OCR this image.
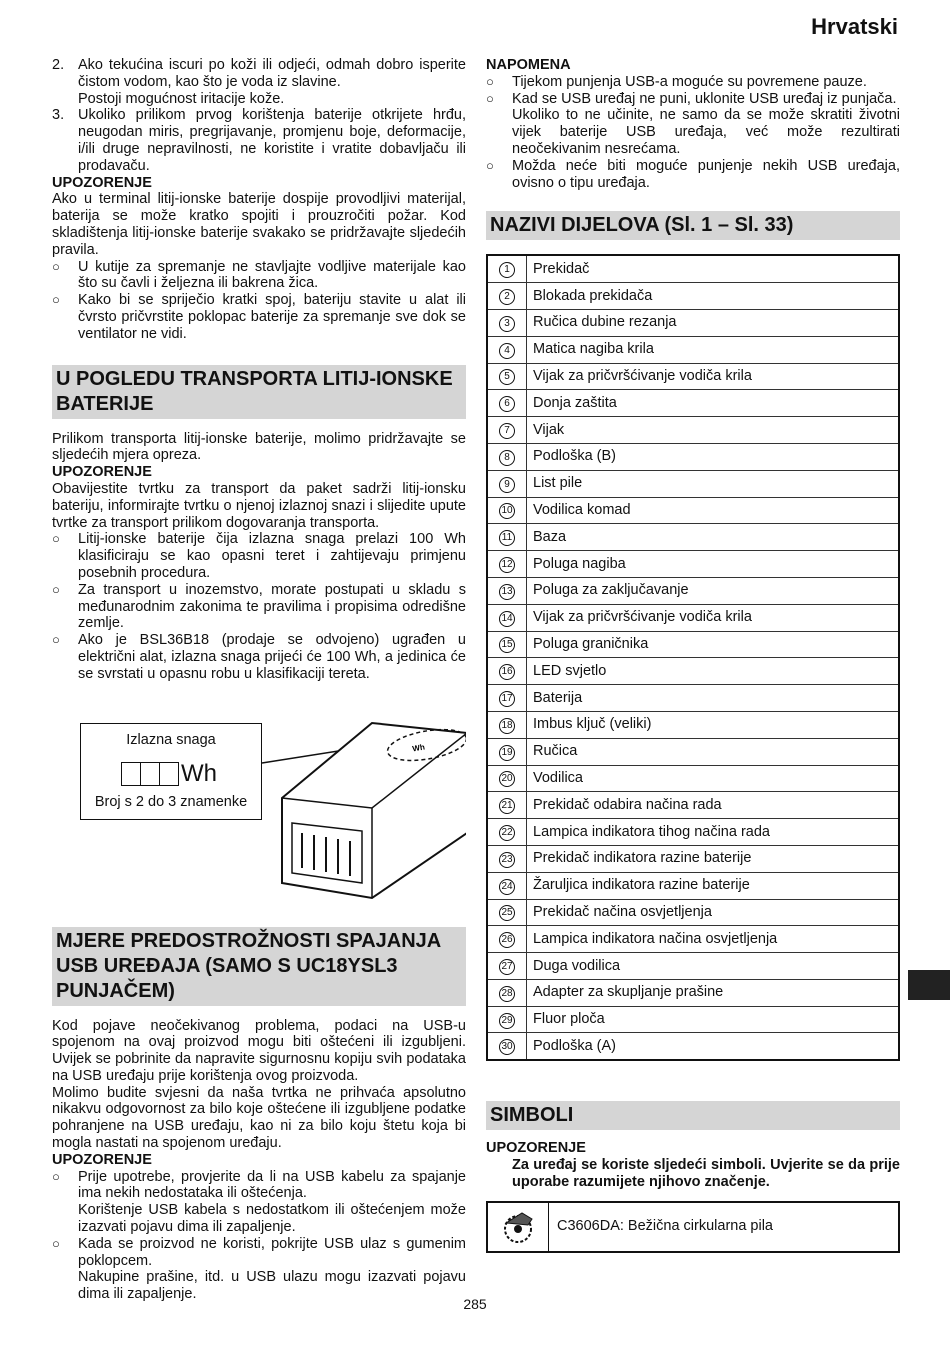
Hrvatski
2. Ako tekućina iscuri po koži ili odjeći, odmah dobro isperite čistom vodom, kao što je voda iz slavine.
Postoji mogućnost iritacije kože.
3. Ukoliko prilikom prvog korištenja baterije otkrijete hrđu, neugodan miris, pregrijavanje, promjenu boje, deformacije, i/ili druge nepravilnosti, ne koristite i vratite dobavljaču ili prodavaču.
UPOZORENJE

Ako u terminal litij-ionske baterije dospije provodljivi materijal, baterija se može kratko spojiti i prouzročiti požar. Kod skladištenja litij-ionske baterije svakako se pridržavajte sljedećih pravila.

○	U kutije za spremanje ne stavljajte vodljive materijale kao što su čavli i željezna ili bakrena žica.
○	Kako bi se spriječio kratki spoj, bateriju stavite u alat ili čvrsto pričvrstite poklopac baterije za spremanje sve dok se ventilator ne vidi.
U POGLEDU TRANSPORTA LITIJ-IONSKE BATERIJE

Prilikom transporta litij-ionske baterije, molimo pridržavajte se sljedećih mjera opreza.

UPOZORENJE

Obavijestite tvrtku za transport da paket sadrži litij-ionsku bateriju, informirajte tvrtku o njenoj izlaznoj snazi i slijedite upute tvrtke za transport prilikom dogovaranja transporta.

○	Litij-ionske baterije čija izlazna snaga prelazi 100 Wh klasificiraju se kao opasni teret i zahtijevaju primjenu posebnih procedura.
○	Za transport u inozemstvo, morate postupati u skladu s međunarodnim zakonima te pravilima i propisima odredišne zemlje.
○	Ako je BSL36B18 (prodaje se odvojeno) ugrađen u električni alat, izlazna snaga prijeći će 100 Wh, a jedinica će se svrstati u opasnu robu u klasifikaciji tereta.
Izlazna snaga
Wh
Broj s 2 do 3 znamenke
Wh
MJERE PREDOSTROŽNOSTI SPAJANJA USB UREĐAJA (SAMO S UC18YSL3 PUNJAČEM)

Kod pojave neočekivanog problema, podaci na USB-u spojenom na ovaj proizvod mogu biti oštećeni ili izgubljeni. Uvijek se pobrinite da napravite sigurnosnu kopiju svih podataka na USB uređaju prije korištenja ovog proizvoda.

Molimo budite svjesni da naša tvrtka ne prihvaća apsolutno nikakvu odgovornost za bilo koje oštećene ili izgubljene podatke pohranjene na USB uređaju, kao ni za bilo koju štetu koja bi mogla nastati na spojenom uređaju.

UPOZORENJE
○	Prije upotrebe, provjerite da li na USB kabelu za spajanje ima nekih nedostataka ili oštećenja.
Korištenje USB kabela s nedostatkom ili oštećenjem može izazvati pojavu dima ili zapaljenje.
○	Kada se proizvod ne koristi, pokrijte USB ulaz s gumenim poklopcem.
Nakupine prašine, itd. u USB ulazu mogu izazvati pojavu dima ili zapaljenje.
NAPOMENA
○	Tijekom punjenja USB-a moguće su povremene pauze.
○	Kad se USB uređaj ne puni, uklonite USB uređaj iz punjača.
Ukoliko to ne učinite, ne samo da se može skratiti životni vijek baterije USB uređaja, već može rezultirati neočekivanim nesrećama.
○	Možda neće biti moguće punjenje nekih USB uređaja, ovisno o tipu uređaja.
NAZIVI DIJELOVA (Sl. 1 – Sl. 33)
1	Prekidač
2	Blokada prekidača
3	Ručica dubine rezanja
4	Matica nagiba krila
5	Vijak za pričvršćivanje vodiča krila
6	Donja zaštita
7	Vijak
8	Podloška (B)
9	List pile
10	Vodilica komad
11	Baza
12	Poluga nagiba
13	Poluga za zaključavanje
14	Vijak za pričvršćivanje vodiča krila
15	Poluga graničnika
16	LED svjetlo
17	Baterija
18	Imbus ključ (veliki)
19	Ručica
20	Vodilica
21	Prekidač odabira načina rada
22	Lampica indikatora tihog načina rada
23	Prekidač indikatora razine baterije
24	Žaruljica indikatora razine baterije
25	Prekidač načina osvjetljenja
26	Lampica indikatora načina osvjetljenja
27	Duga vodilica
28	Adapter za skupljanje prašine
29	Fluor ploča
30	Podloška (A)
SIMBOLI
UPOZORENJE

Za uređaj se koriste sljedeći simboli. Uvjerite se da prije uporabe razumijete njihovo značenje.

C3606DA: Bežična cirkularna pila
285
